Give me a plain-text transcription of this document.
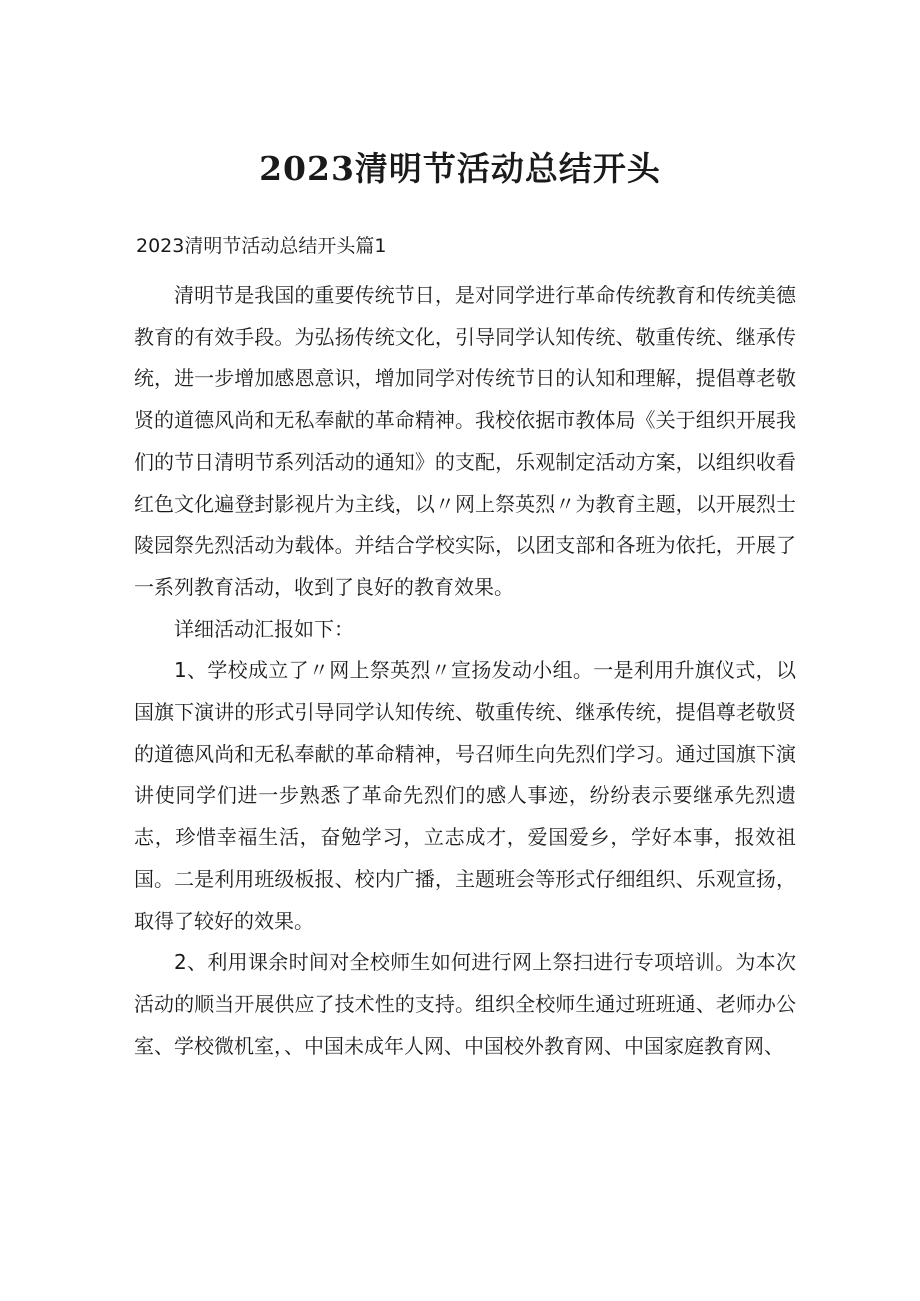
2023清明节活动总结开头

2023清明节活动总结开头篇1

清明节是我国的重要传统节日，是对同学进行革命传统教育和传统美德教育的有效手段。为弘扬传统文化，引导同学认知传统、敬重传统、继承传统，进一步增加感恩意识，增加同学对传统节日的认知和理解，提倡尊老敬贤的道德风尚和无私奉献的革命精神。我校依据市教体局《关于组织开展我们的节日清明节系列活动的通知》的支配，乐观制定活动方案，以组织收看红色文化遍登封影视片为主线，以〃网上祭英烈〃为教育主题，以开展烈士陵园祭先烈活动为载体。并结合学校实际，以团支部和各班为依托，开展了一系列教育活动，收到了良好的教育效果。

详细活动汇报如下：

1、学校成立了〃网上祭英烈〃宣扬发动小组。一是利用升旗仪式，以国旗下演讲的形式引导同学认知传统、敬重传统、继承传统，提倡尊老敬贤的道德风尚和无私奉献的革命精神，号召师生向先烈们学习。通过国旗下演讲使同学们进一步熟悉了革命先烈们的感人事迹，纷纷表示要继承先烈遗志，珍惜幸福生活，奋勉学习，立志成才，爱国爱乡，学好本事，报效祖国。二是利用班级板报、校内广播，主题班会等形式仔细组织、乐观宣扬，取得了较好的效果。

2、利用课余时间对全校师生如何进行网上祭扫进行专项培训。为本次活动的顺当开展供应了技术性的支持。组织全校师生通过班班通、老师办公室、学校微机室，、中国未成年人网、中国校外教育网、中国家庭教育网、
